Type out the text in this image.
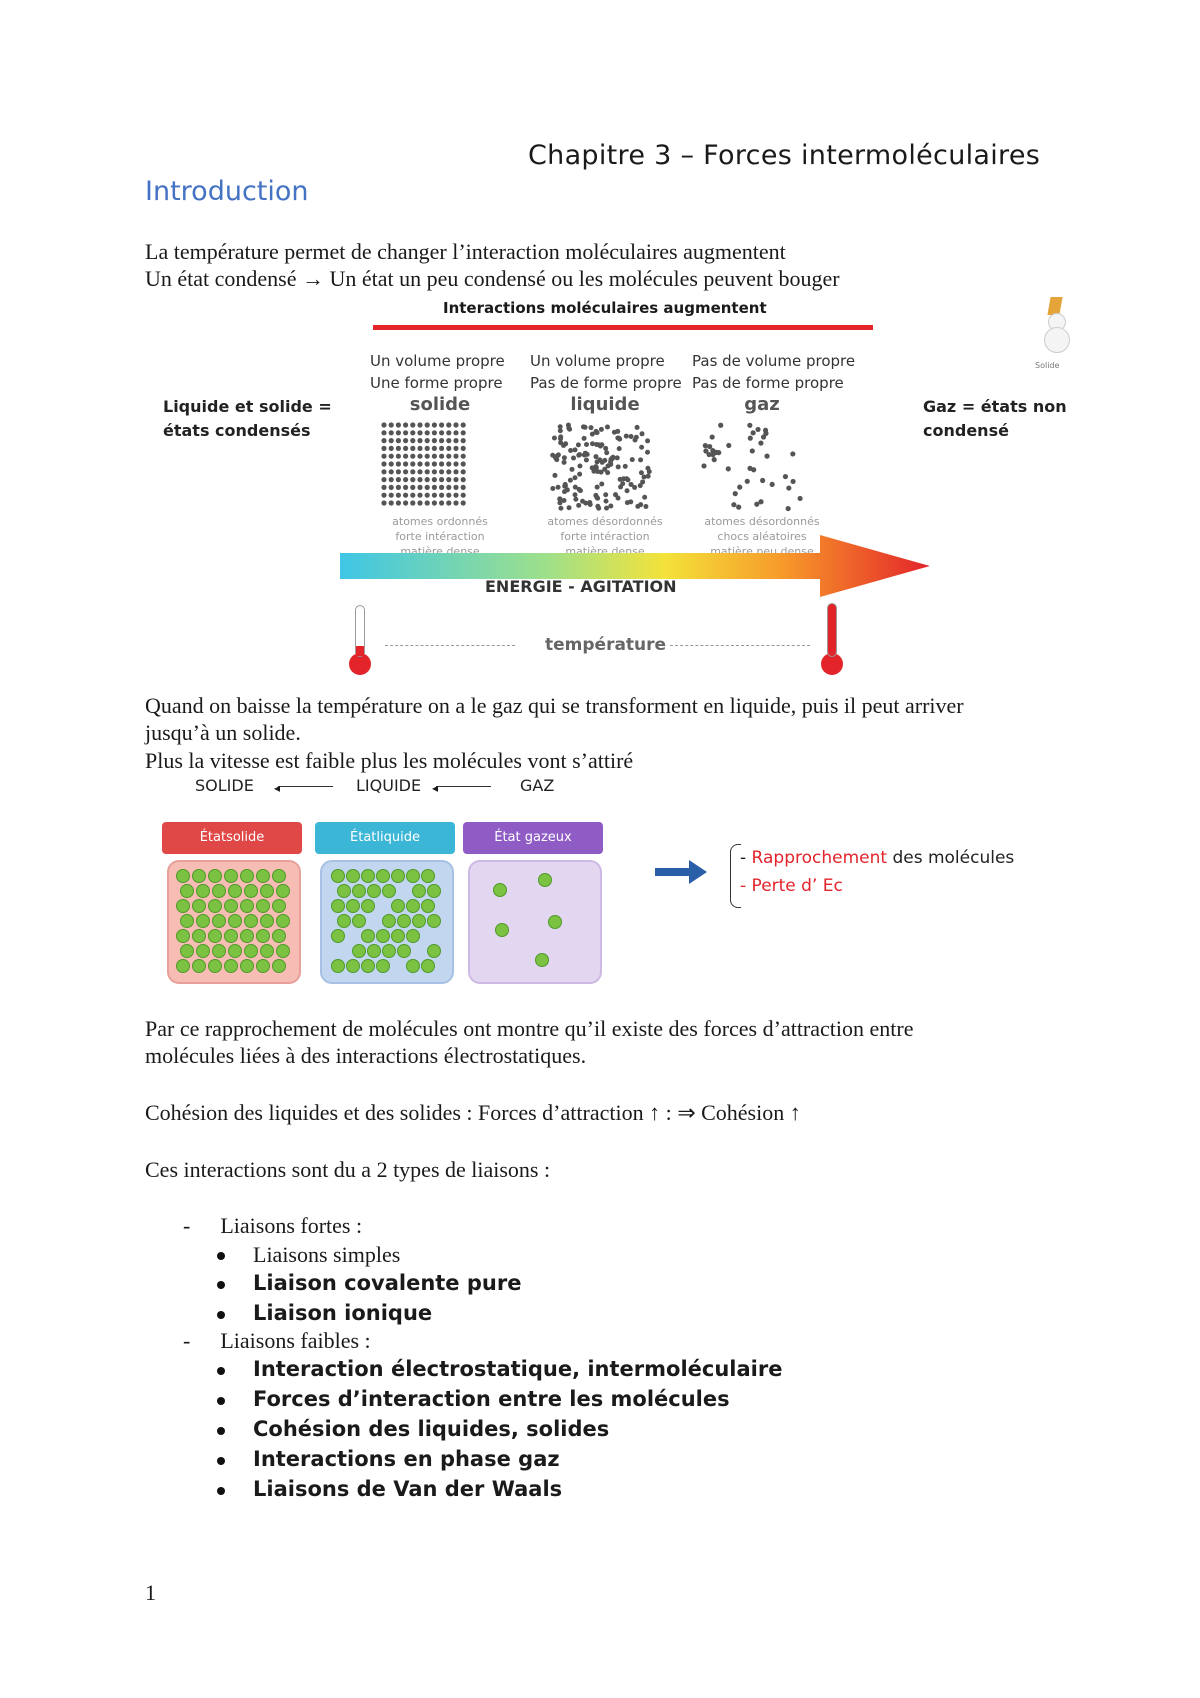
Chapitre 3 – Forces intermoléculaires
Introduction
La température permet de changer l’interaction moléculaires augmentent
Un état condensé → Un état un peu condensé ou les molécules peuvent bouger
Interactions moléculaires augmentent
Solide
Liquide et solide =
états condensés
Gaz = états non
condensé
Un volume propre
Une forme propre
solide
atomes ordonnés
forte intéraction
matière dense
Un volume propre
Pas de forme propre
liquide
atomes désordonnés
forte intéraction
matière dense
Pas de volume propre
Pas de forme propre
gaz
atomes désordonnés
chocs aléatoires
matière peu dense
ENERGIE - AGITATION
température
Quand on baisse la température on a le gaz qui se transforment en liquide, puis il peut arriver
jusqu’à un solide.
Plus la vitesse est faible plus les molécules vont s’attiré
SOLIDE ◂	LIQUIDE ◂	GAZ
Étatsolide	Étatliquide	État gazeux
- Rapprochement des molécules
- Perte d’ Ec
Par ce rapprochement de molécules ont montre qu’il existe des forces d’attraction entre
molécules liées à des interactions électrostatiques.
Cohésion des liquides et des solides : Forces d’attraction ↑ : ⇒ Cohésion ↑
Ces interactions sont du a 2 types de liaisons :
- Liaisons fortes :
Liaisons simples
Liaison covalente pure
Liaison ionique
- Liaisons faibles :
Interaction électrostatique, intermoléculaire
Forces d’interaction entre les molécules
Cohésion des liquides, solides
Interactions en phase gaz
Liaisons de Van der Waals
1
